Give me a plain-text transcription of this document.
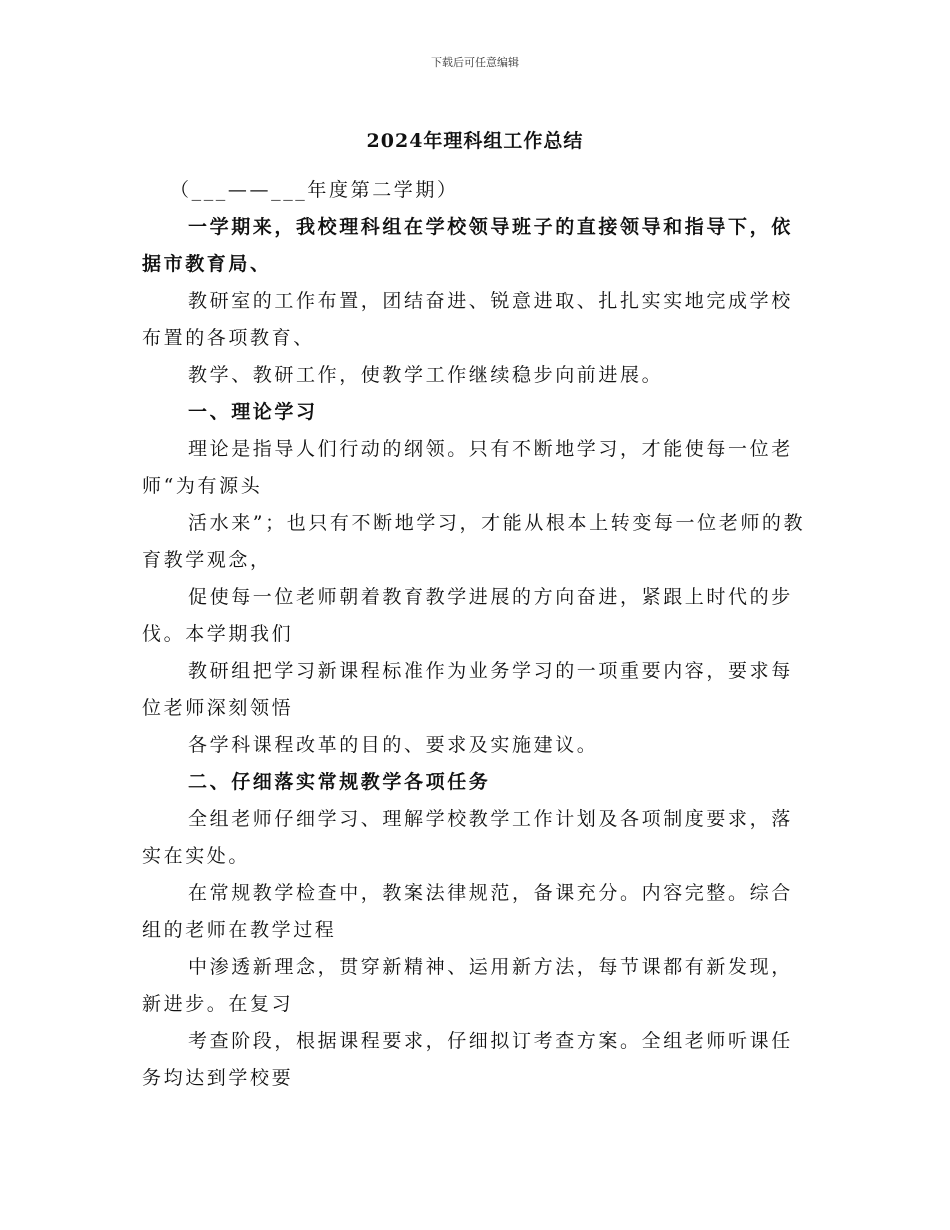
下载后可任意编辑
2024年理科组工作总结

（___——___年度第二学期）

一学期来，我校理科组在学校领导班子的直接领导和指导下，依据市教育局、

教研室的工作布置，团结奋进、锐意进取、扎扎实实地完成学校布置的各项教育、

教学、教研工作，使教学工作继续稳步向前进展。

一、理论学习

理论是指导人们行动的纲领。只有不断地学习，才能使每一位老师“为有源头

活水来”；也只有不断地学习，才能从根本上转变每一位老师的教育教学观念，

促使每一位老师朝着教育教学进展的方向奋进，紧跟上时代的步伐。本学期我们

教研组把学习新课程标准作为业务学习的一项重要内容，要求每位老师深刻领悟

各学科课程改革的目的、要求及实施建议。

二、仔细落实常规教学各项任务

全组老师仔细学习、理解学校教学工作计划及各项制度要求，落实在实处。

在常规教学检查中，教案法律规范，备课充分。内容完整。综合组的老师在教学过程

中渗透新理念，贯穿新精神、运用新方法，每节课都有新发现，新进步。在复习

考查阶段，根据课程要求，仔细拟订考查方案。全组老师听课任务均达到学校要
